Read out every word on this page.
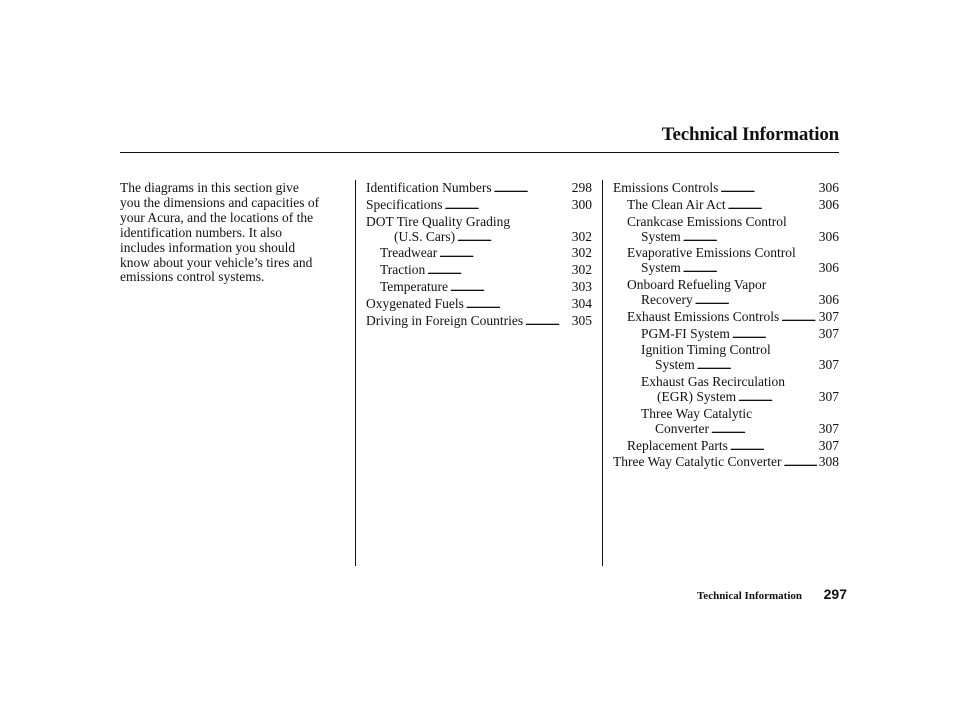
Technical Information
The diagrams in this section give
you the dimensions and capacities of
your Acura, and the locations of the
identification numbers. It also
includes information you should
know about your vehicle’s tires and
emissions control systems.
Identification Numbers . . .	298
Specifications . . .	300
DOT Tire Quality Grading
(U.S. Cars) . . .	302
Treadwear . . .	302
Traction . . .	302
Temperature . . .	303
Oxygenated Fuels . . .	304
Driving in Foreign Countries . . .	305
Emissions Controls . . .	306
The Clean Air Act . . .	306
Crankcase Emissions Control
System . . .	306
Evaporative Emissions Control
System . . .	306
Onboard Refueling Vapor
Recovery . . .	306
Exhaust Emissions Controls . . .	307
PGM-FI System . . .	307
Ignition Timing Control
System . . .	307
Exhaust Gas Recirculation
(EGR) System . . .	307
Three Way Catalytic
Converter . . .	307
Replacement Parts . . .	307
Three Way Catalytic Converter . . .	308
Technical Information 297
